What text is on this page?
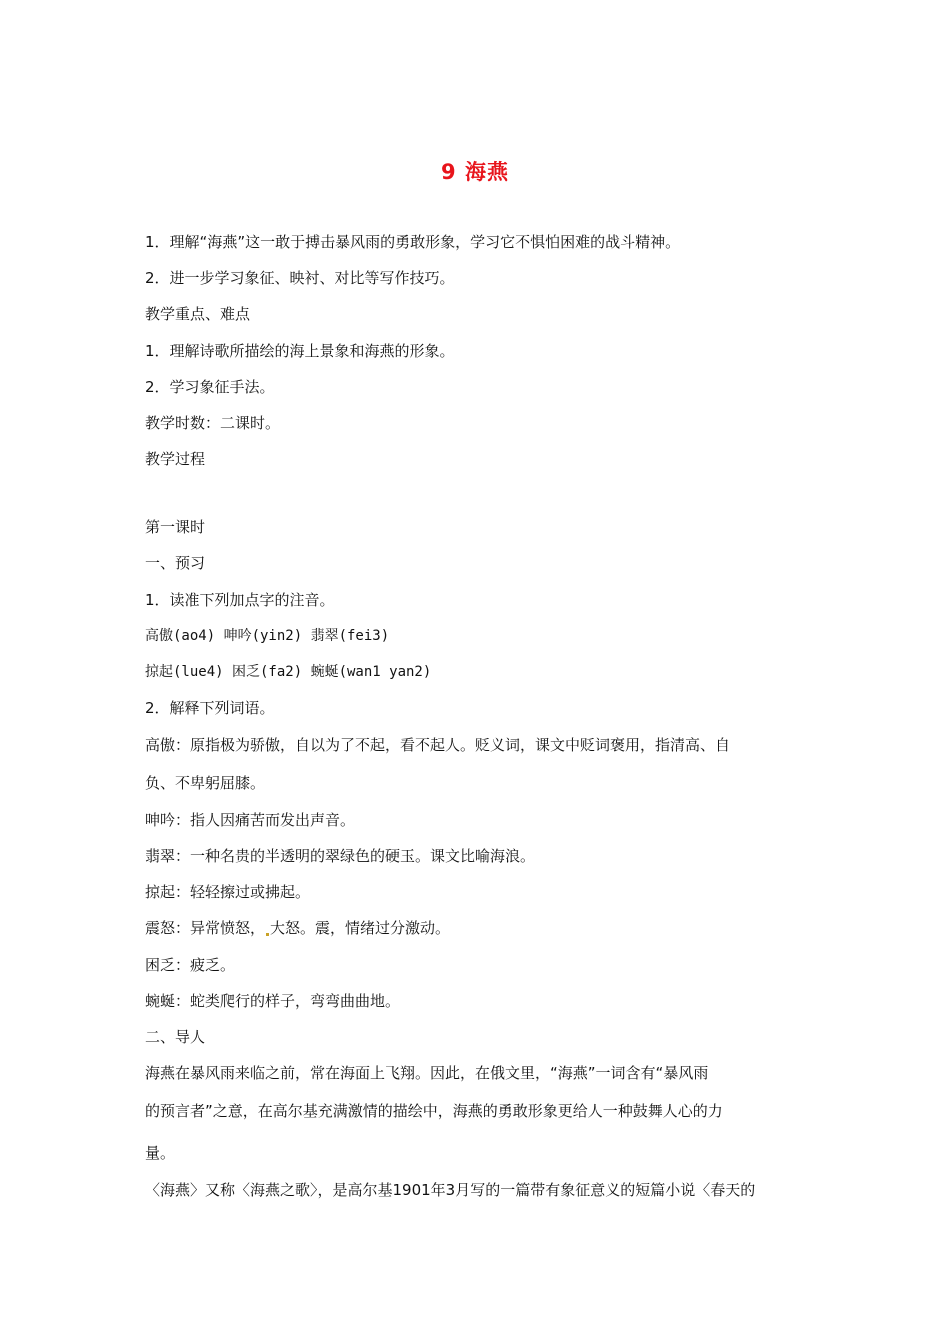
9 海燕
1．理解“海燕”这一敢于搏击暴风雨的勇敢形象，学习它不惧怕困难的战斗精神。
2．进一步学习象征、映衬、对比等写作技巧。
教学重点、难点
1．理解诗歌所描绘的海上景象和海燕的形象。
2．学习象征手法。
教学时数：二课时。
教学过程
第一课时
一、预习
1．读准下列加点字的注音。
高傲(ao4) 呻吟(yin2) 翡翠(fei3)
掠起(lue4) 困乏(fa2) 蜿蜒(wan1 yan2)
2．解释下列词语。
高傲：原指极为骄傲，自以为了不起，看不起人。贬义词，课文中贬词褒用，指清高、自
负、不卑躬屈膝。
呻吟：指人因痛苦而发出声音。
翡翠：一种名贵的半透明的翠绿色的硬玉。课文比喻海浪。
掠起：轻轻擦过或拂起。
震怒：异常愤怒， 大怒。震，情绪过分激动。
困乏：疲乏。
蜿蜒：蛇类爬行的样子，弯弯曲曲地。
二、导人
海燕在暴风雨来临之前，常在海面上飞翔。因此，在俄文里，“海燕”一词含有“暴风雨
的预言者”之意，在高尔基充满激情的描绘中，海燕的勇敢形象更给人一种鼓舞人心的力
量。
〈海燕〉又称〈海燕之歌〉，是高尔基1901年3月写的一篇带有象征意义的短篇小说〈春天的
